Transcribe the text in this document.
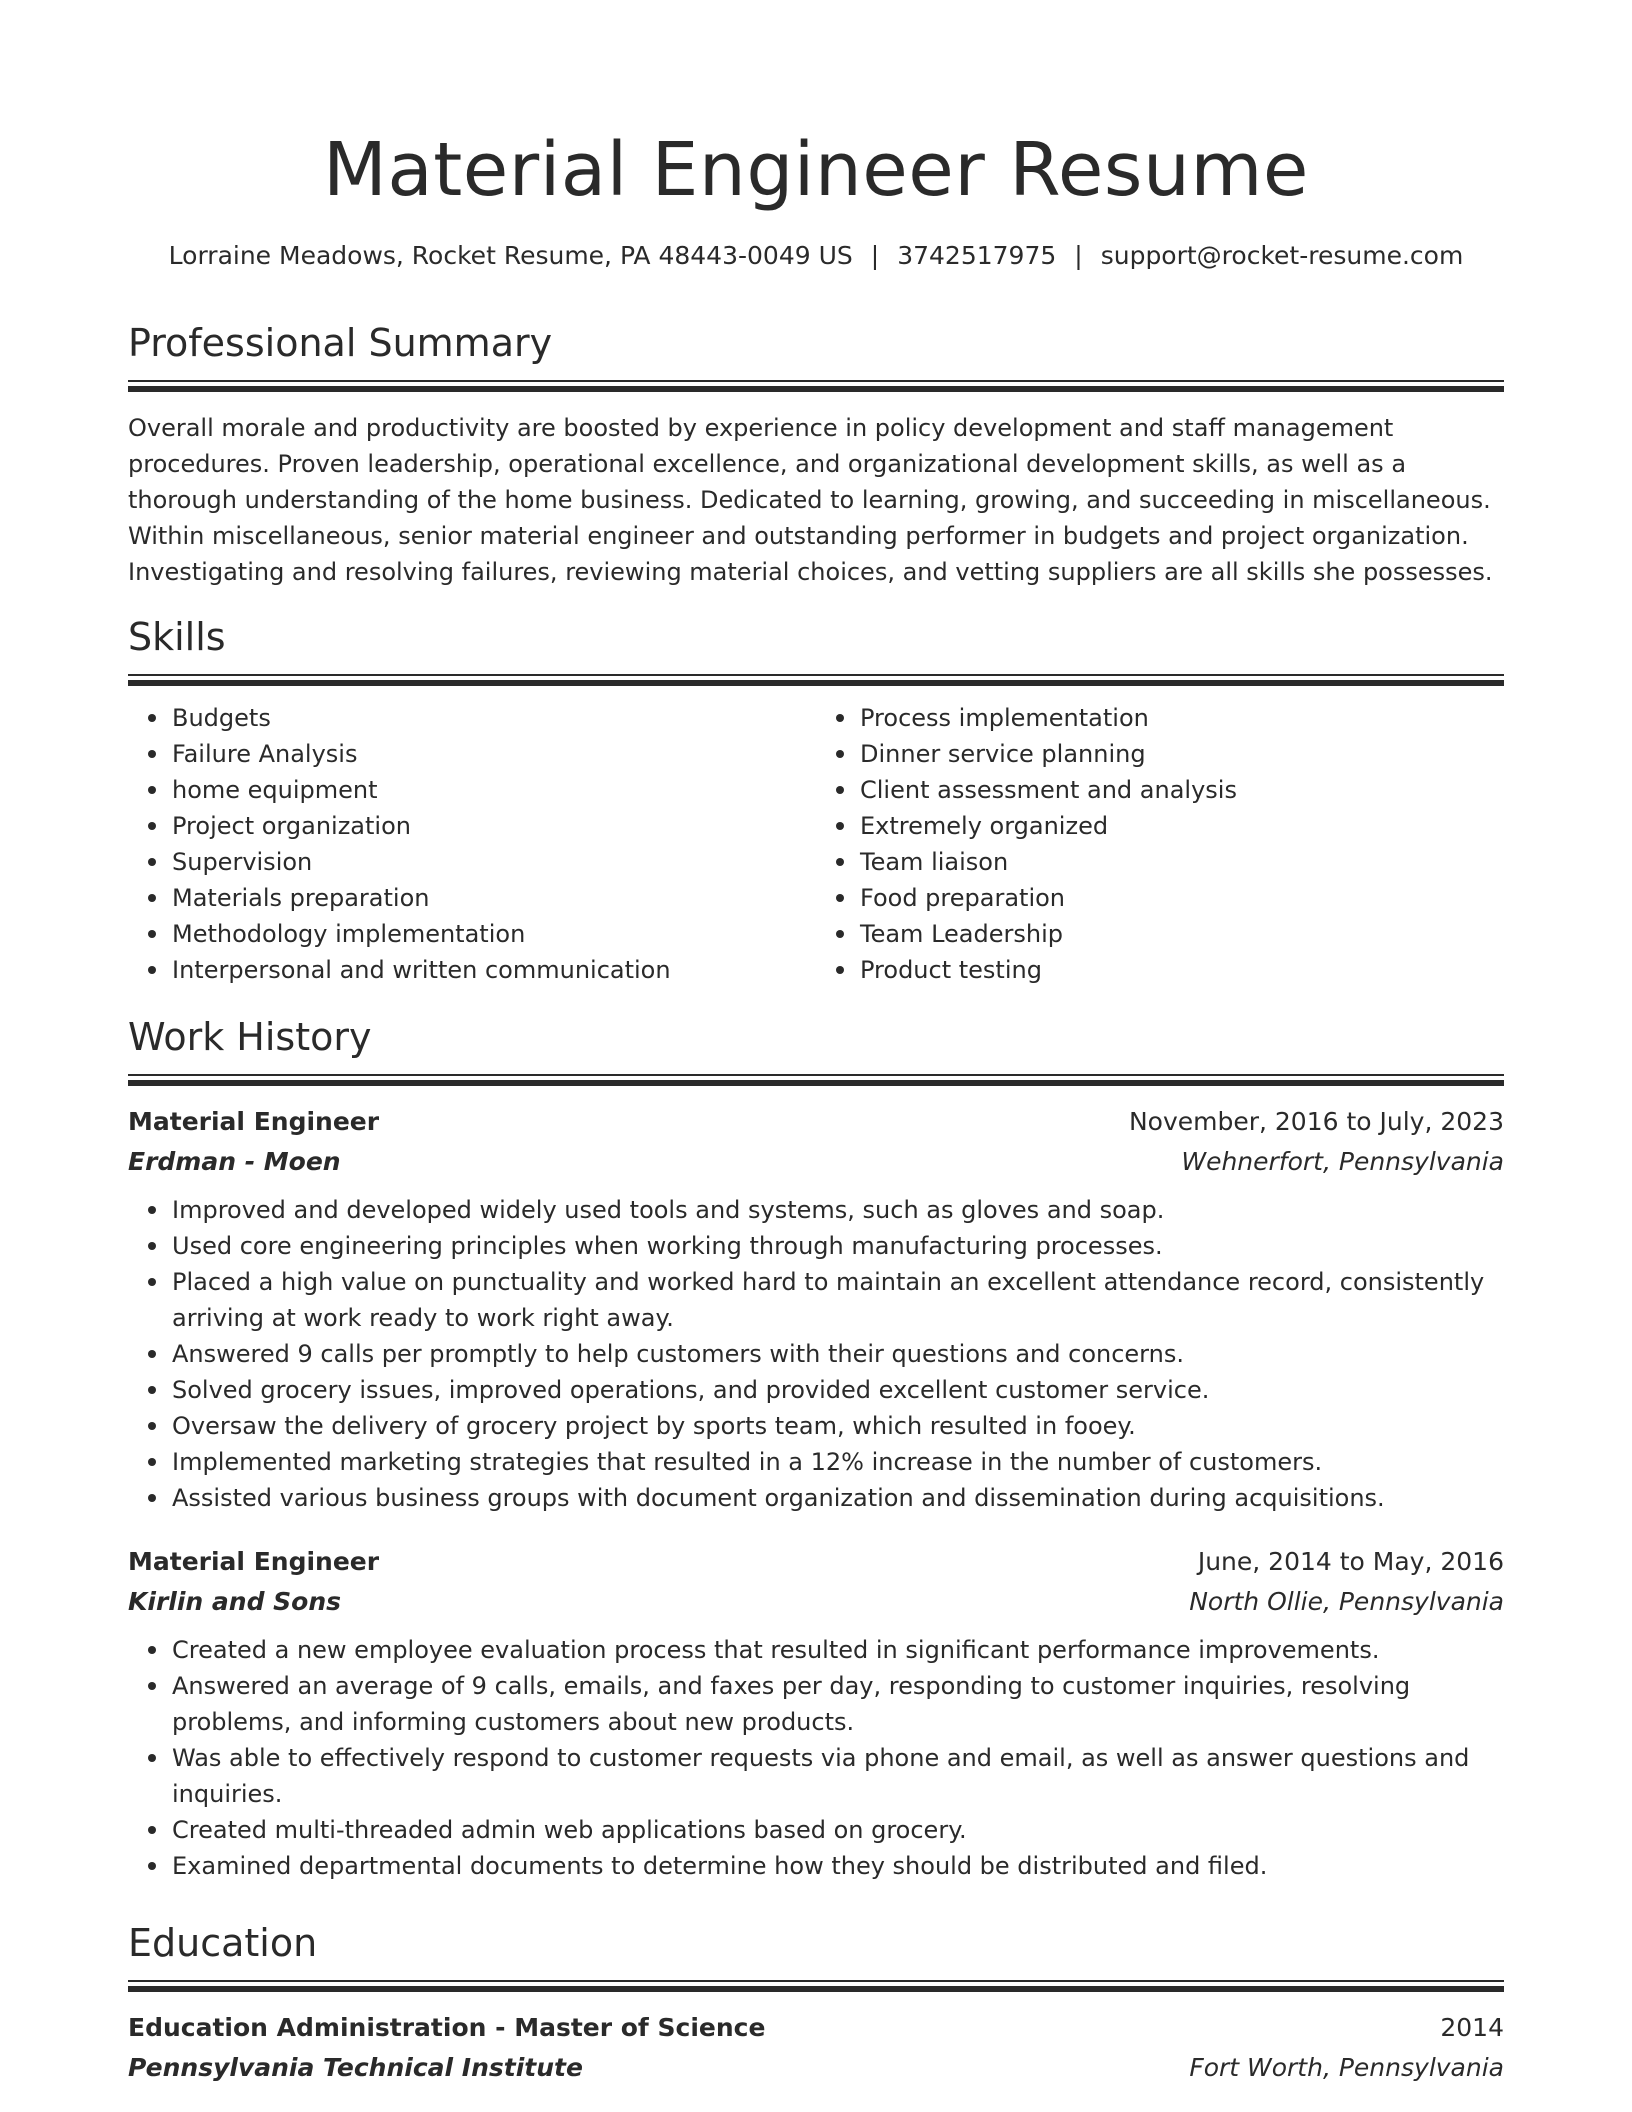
Material Engineer Resume
Lorraine Meadows, Rocket Resume, PA 48443-0049 US | 3742517975 | support@rocket-resume.com
Professional Summary

Overall morale and productivity are boosted by experience in policy development and staff management procedures. Proven leadership, operational excellence, and organizational development skills, as well as a thorough understanding of the home business. Dedicated to learning, growing, and succeeding in miscellaneous. Within miscellaneous, senior material engineer and outstanding performer in budgets and project organization. Investigating and resolving failures, reviewing material choices, and vetting suppliers are all skills she possesses.

Skills
Budgets
Failure Analysis
home equipment
Project organization
Supervision
Materials preparation
Methodology implementation
Interpersonal and written communication
Process implementation
Dinner service planning
Client assessment and analysis
Extremely organized
Team liaison
Food preparation
Team Leadership
Product testing
Work History
Material Engineer	November, 2016 to July, 2023
Erdman - Moen	Wehnerfort, Pennsylvania
Improved and developed widely used tools and systems, such as gloves and soap.
Used core engineering principles when working through manufacturing processes.
Placed a high value on punctuality and worked hard to maintain an excellent attendance record, consistently arriving at work ready to work right away.
Answered 9 calls per promptly to help customers with their questions and concerns.
Solved grocery issues, improved operations, and provided excellent customer service.
Oversaw the delivery of grocery project by sports team, which resulted in fooey.
Implemented marketing strategies that resulted in a 12% increase in the number of customers.
Assisted various business groups with document organization and dissemination during acquisitions.
Material Engineer	June, 2014 to May, 2016
Kirlin and Sons	North Ollie, Pennsylvania
Created a new employee evaluation process that resulted in significant performance improvements.
Answered an average of 9 calls, emails, and faxes per day, responding to customer inquiries, resolving problems, and informing customers about new products.
Was able to effectively respond to customer requests via phone and email, as well as answer questions and inquiries.
Created multi-threaded admin web applications based on grocery.
Examined departmental documents to determine how they should be distributed and filed.
Education
Education Administration - Master of Science	2014
Pennsylvania Technical Institute	Fort Worth, Pennsylvania
